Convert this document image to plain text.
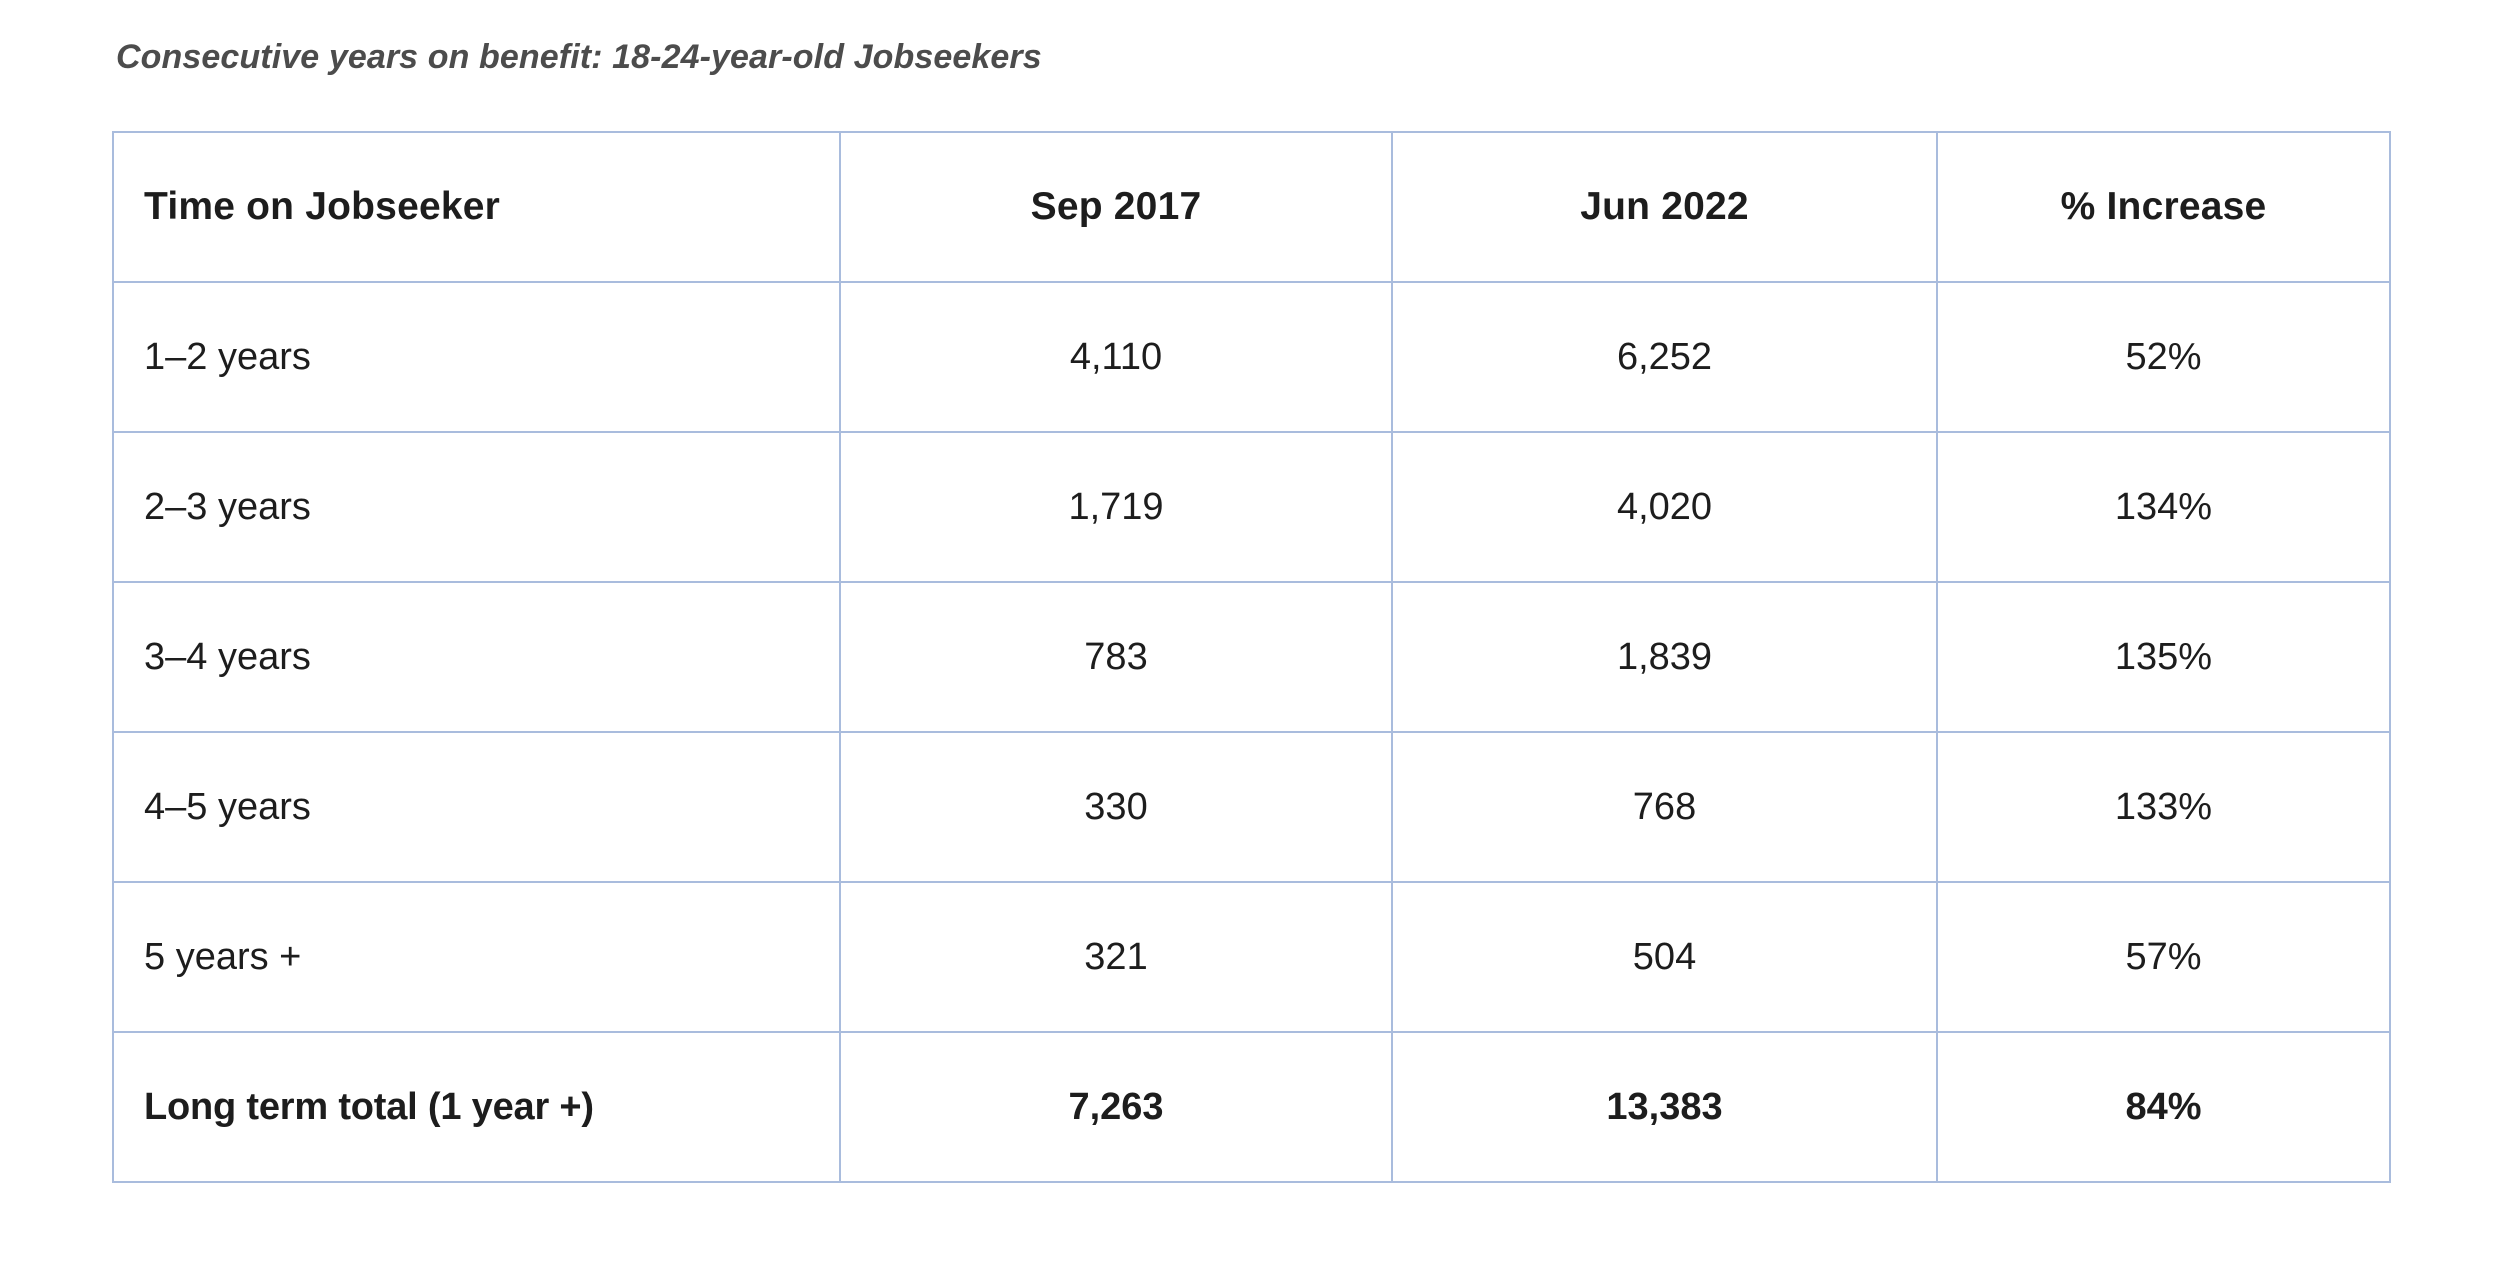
Consecutive years on benefit: 18-24-year-old Jobseekers
Time on Jobseeker	Sep 2017	Jun 2022	% Increase
1–2 years	4,110	6,252	52%
2–3 years	1,719	4,020	134%
3–4 years	783	1,839	135%
4–5 years	330	768	133%
5 years +	321	504	57%
Long term total (1 year +)	7,263	13,383	84%
